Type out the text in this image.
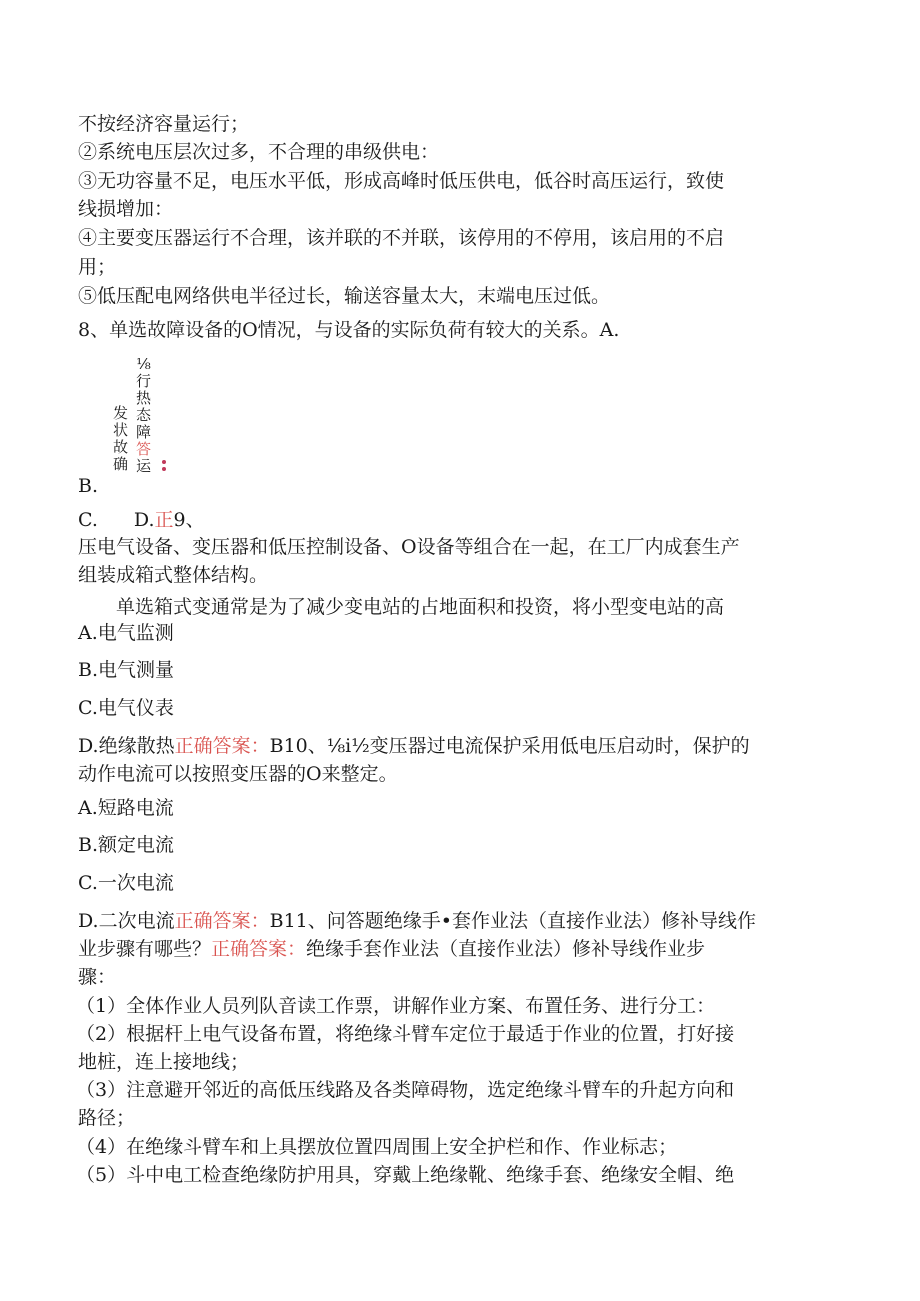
不按经济容量运行；
②系统电压层次过多，不合理的串级供电：
③无功容量不足，电压水平低，形成高峰时低压供电，低谷时高压运行，致使
线损增加：
④主要变压器运行不合理，该并联的不并联，该停用的不停用，该启用的不启
用；
⑤低压配电网络供电半径过长，输送容量太大，末端电压过低。
8、单选故障设备的O情况，与设备的实际负荷有较大的关系。A.
发状故确
⅛行热态障
答
运
B.
C. D.正9、
压电气设备、变压器和低压控制设备、O设备等组合在一起，在工厂内成套生产
组装成箱式整体结构。
单选箱式变通常是为了减少变电站的占地面积和投资，将小型变电站的高
A.电气监测
B.电气测量
C.电气仪表
D.绝缘散热正确答案：B10、⅛i½变压器过电流保护采用低电压启动时，保护的
动作电流可以按照变压器的O来整定。
A.短路电流
B.额定电流
C.一次电流
D.二次电流正确答案：B11、问答题绝缘手•套作业法（直接作业法）修补导线作
业步骤有哪些？正确答案：绝缘手套作业法（直接作业法）修补导线作业步
骤：
（1）全体作业人员列队音读工作票，讲解作业方案、布置任务、进行分工：
（2）根据杆上电气设备布置，将绝缘斗臂车定位于最适于作业的位置，打好接
地桩，连上接地线；
（3）注意避开邻近的高低压线路及各类障碍物，选定绝缘斗臂车的升起方向和
路径；
（4）在绝缘斗臂车和上具摆放位置四周围上安全护栏和作、作业标志；
（5）斗中电工检查绝缘防护用具，穿戴上绝缘靴、绝缘手套、绝缘安全帽、绝
